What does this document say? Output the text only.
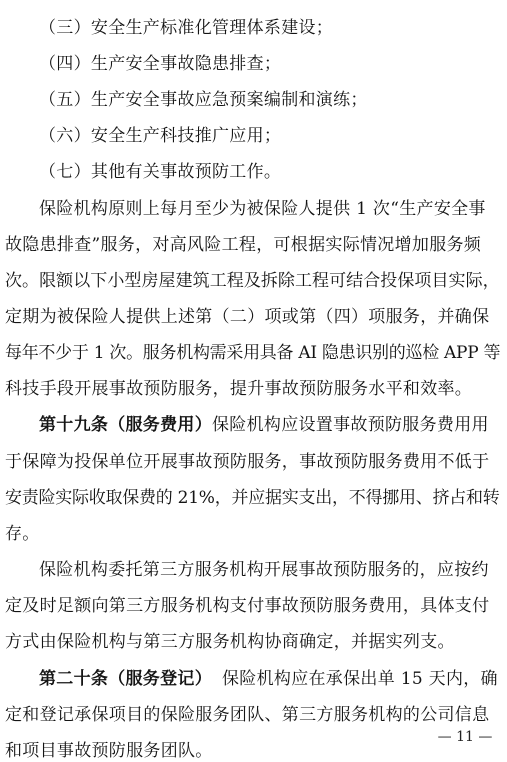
（三）安全生产标准化管理体系建设；
（四）生产安全事故隐患排查；
（五）生产安全事故应急预案编制和演练；
（六）安全生产科技推广应用；
（七）其他有关事故预防工作。
保险机构原则上每月至少为被保险人提供 1 次“生产安全事
故隐患排查”服务，对高风险工程，可根据实际情况增加服务频
次。限额以下小型房屋建筑工程及拆除工程可结合投保项目实际，
定期为被保险人提供上述第（二）项或第（四）项服务，并确保
每年不少于 1 次。服务机构需采用具备 AI 隐患识别的巡检 APP 等
科技手段开展事故预防服务，提升事故预防服务水平和效率。
第十九条（服务费用） 保险机构应设置事故预防服务费用用
于保障为投保单位开展事故预防服务，事故预防服务费用不低于
安责险实际收取保费的 21%，并应据实支出，不得挪用、挤占和转
存。
保险机构委托第三方服务机构开展事故预防服务的，应按约
定及时足额向第三方服务机构支付事故预防服务费用，具体支付
方式由保险机构与第三方服务机构协商确定，并据实列支。
第二十条（服务登记） 保险机构应在承保出单 15 天内，确
定和登记承保项目的保险服务团队、第三方服务机构的公司信息
和项目事故预防服务团队。
— 11 —
